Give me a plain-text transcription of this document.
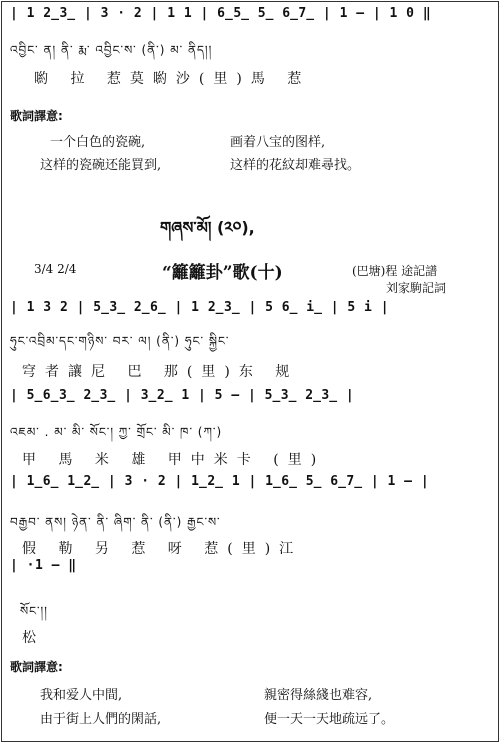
| 1 2̲3̲ | 3 · 2 | 1 1 | 6̲5̲ 5̲ 6̲7̲ | 1 — | 1 0 ‖
འབྱིང་ ན། ནི་ རྨ་ འབྱིང་ས་ (ནི་) མ་ ནིད།།
喲 拉 惹莫喲沙(里)馬 惹
歌詞譯意:
一个白色的瓷碗,	画着八宝的图样,
这样的瓷碗还能買到,	这样的花紋却难尋找。
གཞས་མོ། (༢༠),
3/4 2/4	“籬籬卦”歌(十)	(巴塘)程 途記譜
刘家駒記詞
| 1 3 2 | 5̲3̲ 2̲6̲ | 1 2̲3̲ | 5 6̲ i̲ | 5 i |
ཧུང་འབྲིམ་དང་གཉིས་ བར་ ལ། (ནི་) ཧུང་ སྐྱིང་
穹者讓尼 巴 那(里)东 规
| 5̲6̲3̲ 2̲3̲ | 3̲2̲ 1 | 5 — | 5̲3̲ 2̲3̲ |
འཇམ་ . མ་ མི་ སོང་། ཀྱ་ གྲོང་ མི་ ཁ་ (ཀ་)
甲 馬 米 雄 甲中米卡 (里)
| 1̲6̲ 1̲2̲ | 3 · 2 | 1̲2̲ 1 | 1̲6̲ 5̲ 6̲7̲ | 1 — |
བརྒྱབ་ ནས། ཉེན་ ནི་ ཞིག་ ནི་ (ནི་) རྒྱང་ས་
假 勒 另 惹 呀 惹(里)江
| ·1 — ‖
སོང་།།
松
歌詞譯意:
我和爱人中間,	親密得絲綫也难容,
由于街上人們的閑話,	便一天一天地疏远了。
